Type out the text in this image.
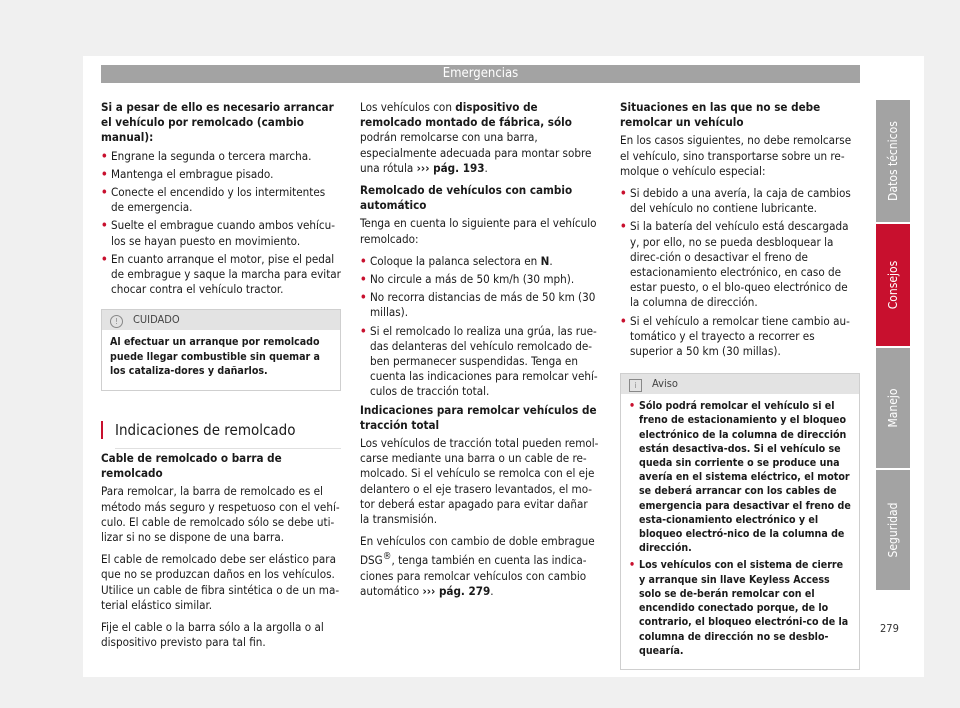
Emergencias

Si a pesar de ello es necesario arrancar el vehículo por remolcado (cambio manual):

• Engrane la segunda o tercera marcha.

• Mantenga el embrague pisado.

• Conecte el encendido y los intermitentes de emergencia.

• Suelte el embrague cuando ambos vehícu-los se hayan puesto en movimiento.

• En cuanto arranque el motor, pise el pedal de embrague y saque la marcha para evitar chocar contra el vehículo tractor.

! CUIDADO

Al efectuar un arranque por remolcado puede llegar combustible sin quemar a los cataliza-dores y dañarlos.

Indicaciones de remolcado

Cable de remolcado o barra de remolcado

Para remolcar, la barra de remolcado es el método más seguro y respetuoso con el vehí-culo. El cable de remolcado sólo se debe uti-lizar si no se dispone de una barra.

El cable de remolcado debe ser elástico para que no se produzcan daños en los vehículos. Utilice un cable de fibra sintética o de un ma-terial elástico similar.

Fije el cable o la barra sólo a la argolla o al dispositivo previsto para tal fin.

Los vehículos con dispositivo de remolcado montado de fábrica, sólo podrán remolcarse con una barra, especialmente adecuada para montar sobre una rótula ››› pág. 193.

Remolcado de vehículos con cambio automático

Tenga en cuenta lo siguiente para el vehículo remolcado:

• Coloque la palanca selectora en N.

• No circule a más de 50 km/h (30 mph).

• No recorra distancias de más de 50 km (30 millas).

• Si el remolcado lo realiza una grúa, las rue-das delanteras del vehículo remolcado de-ben permanecer suspendidas. Tenga en cuenta las indicaciones para remolcar vehí-culos de tracción total.

Indicaciones para remolcar vehículos de tracción total

Los vehículos de tracción total pueden remol-carse mediante una barra o un cable de re-molcado. Si el vehículo se remolca con el eje delantero o el eje trasero levantados, el mo-tor deberá estar apagado para evitar dañar la transmisión.

En vehículos con cambio de doble embrague DSG®, tenga también en cuenta las indica-ciones para remolcar vehículos con cambio automático ››› pág. 279.

Situaciones en las que no se debe remolcar un vehículo

En los casos siguientes, no debe remolcarse el vehículo, sino transportarse sobre un re-molque o vehículo especial:

• Si debido a una avería, la caja de cambios del vehículo no contiene lubricante.

• Si la batería del vehículo está descargada y, por ello, no se pueda desbloquear la direc-ción o desactivar el freno de estacionamiento electrónico, en caso de estar puesto, o el blo-queo electrónico de la columna de dirección.

• Si el vehículo a remolcar tiene cambio au-tomático y el trayecto a recorrer es superior a 50 km (30 millas).

i Aviso

• Sólo podrá remolcar el vehículo si el freno de estacionamiento y el bloqueo electrónico de la columna de dirección están desactiva-dos. Si el vehículo se queda sin corriente o se produce una avería en el sistema eléctrico, el motor se deberá arrancar con los cables de emergencia para desactivar el freno de esta-cionamiento electrónico y el bloqueo electró-nico de la columna de dirección.

• Los vehículos con el sistema de cierre y arranque sin llave Keyless Access solo se de-berán remolcar con el encendido conectado porque, de lo contrario, el bloqueo electróni-co de la columna de dirección no se desblo-quearía.

Datos técnicos
Consejos
Manejo
Seguridad
279
